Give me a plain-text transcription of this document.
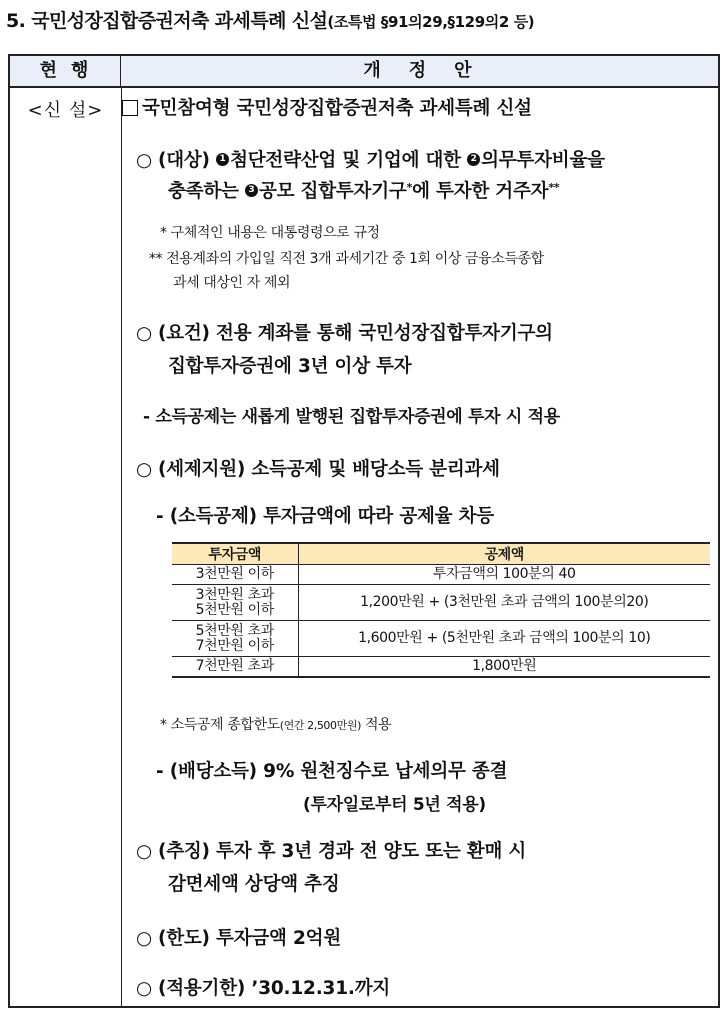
5. 국민성장집합증권저축 과세특례 신설(조특법 §91의29,§129의2 등)
현행	개정안
<신 설>	국민참여형 국민성장집합증권저축 과세특례 신설
○ (대상) 1 첨단전략산업 및 기업에 대한 2 의무투자비율을
충족하는 3 공모 집합투자기구*에 투자한 거주자**
* 구체적인 내용은 대통령령으로 규정
** 전용계좌의 가입일 직전 3개 과세기간 중 1회 이상 금융소득종합
과세 대상인 자 제외
○ (요건) 전용 계좌를 통해 국민성장집합투자기구의
집합투자증권에 3년 이상 투자
- 소득공제는 새롭게 발행된 집합투자증권에 투자 시 적용
○ (세제지원) 소득공제 및 배당소득 분리과세
- (소득공제) 투자금액에 따라 공제율 차등
투자금액	공제액
3천만원 이하	투자금액의 100분의 40
3천만원 초과
5천만원 이하	1,200만원 + (3천만원 초과 금액의 100분의20)
5천만원 초과
7천만원 이하	1,600만원 + (5천만원 초과 금액의 100분의 10)
7천만원 초과	1,800만원
* 소득공제 종합한도(연간 2,500만원) 적용
- (배당소득) 9% 원천징수로 납세의무 종결
(투자일로부터 5년 적용)
○ (추징) 투자 후 3년 경과 전 양도 또는 환매 시
감면세액 상당액 추징
○ (한도) 투자금액 2억원
○ (적용기한) ’30.12.31.까지
